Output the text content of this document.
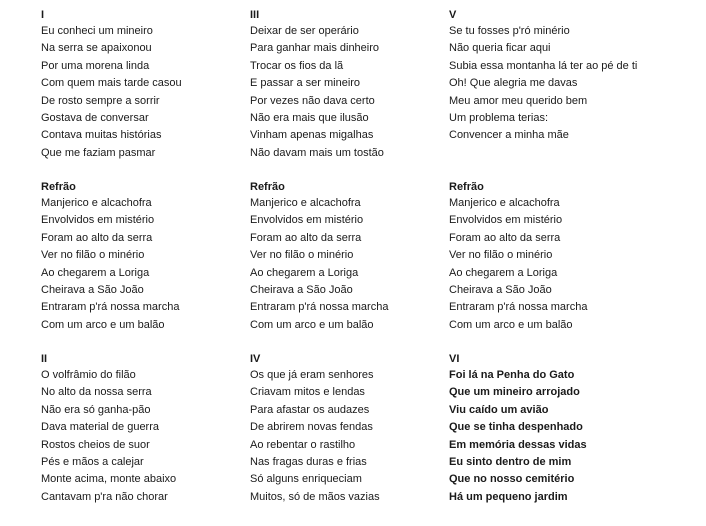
I
Eu conheci um mineiro
Na serra se apaixonou
Por uma morena linda
Com quem mais tarde casou
De rosto sempre a sorrir
Gostava de conversar
Contava muitas histórias
Que me faziam pasmar
Refrão
Manjerico e alcachofra
Envolvidos em mistério
Foram ao alto da serra
Ver no filão o minério
Ao chegarem a Loriga
Cheirava a São João
Entraram p'rá nossa marcha
Com um arco e um balão
II
O volfrâmio do filão
No alto da nossa serra
Não era só ganha-pão
Dava material de guerra
Rostos cheios de suor
Pés e mãos a calejar
Monte acima, monte abaixo
Cantavam p'ra não chorar
III
Deixar de ser operário
Para ganhar mais dinheiro
Trocar os fios da lã
E passar a ser mineiro
Por vezes não dava certo
Não era mais que ilusão
Vinham apenas migalhas
Não davam mais um tostão
Refrão
Manjerico e alcachofra
Envolvidos em mistério
Foram ao alto da serra
Ver no filão o minério
Ao chegarem a Loriga
Cheirava a São João
Entraram p'rá nossa marcha
Com um arco e um balão
IV
Os que já eram senhores
Criavam mitos e lendas
Para afastar os audazes
De abrirem novas fendas
Ao rebentar o rastilho
Nas fragas duras e frias
Só alguns enriqueciam
Muitos, só de mãos vazias
V
Se tu fosses p'ró minério
Não queria ficar aqui
Subia essa montanha lá ter ao pé de ti
Oh! Que alegria me davas
Meu amor meu querido bem
Um problema terias:
Convencer a minha mãe
Refrão
Manjerico e alcachofra
Envolvidos em mistério
Foram ao alto da serra
Ver no filão o minério
Ao chegarem a Loriga
Cheirava a São João
Entraram p'rá nossa marcha
Com um arco e um balão
VI
Foi lá na Penha do Gato
Que um mineiro arrojado
Viu caído um avião
Que se tinha despenhado
Em memória dessas vidas
Eu sinto dentro de mim
Que no nosso cemitério
Há um pequeno jardim
